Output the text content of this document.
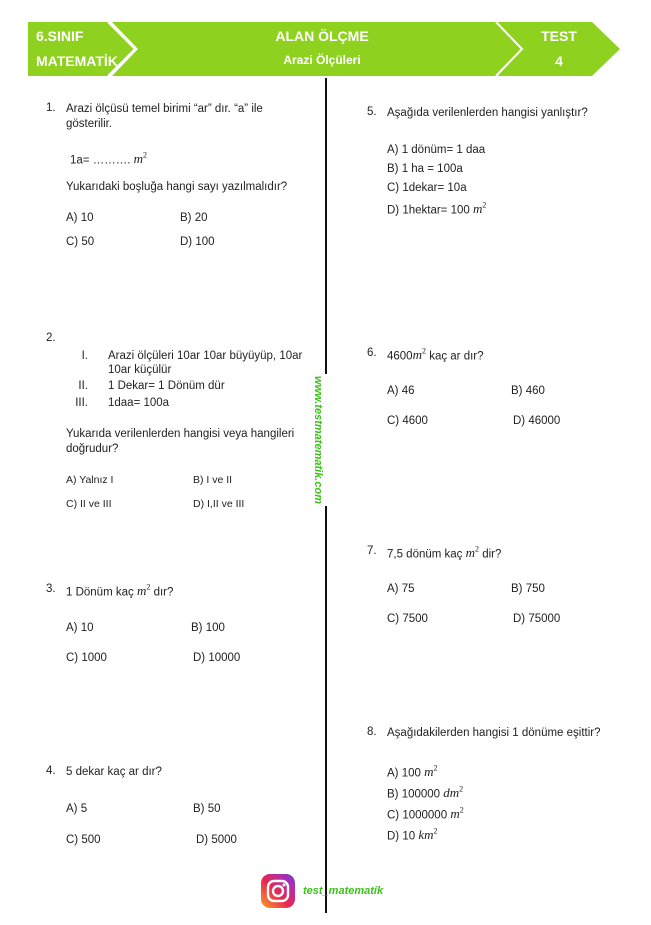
6.SINIF
MATEMATİK
ALAN ÖLÇME
Arazi Ölçüleri
TEST
4
www.testmatematik.com
1. Arazi ölçüsü temel birimi “ar” dır. “a” ile
gösterilir.
1a= ………. $m^2$
Yukarıdaki boşluğa hangi sayı yazılmalıdır?
A) 10	B) 20
C) 50	D) 100
2.
I. Arazi ölçüleri 10ar 10ar büyüyüp, 10ar
10ar küçülür
II. 1 Dekar= 1 Dönüm dür
III. 1daa= 100a
Yukarıda verilenlerden hangisi veya hangileri
doğrudur?
A) Yalnız I	B) I ve II
C) II ve III	D) I,II ve III
3. 1 Dönüm kaç $m^2$ dır?
A) 10	B) 100
C) 1000	D) 10000
4. 5 dekar kaç ar dır?
A) 5	B) 50
C) 500	D) 5000
5. Aşağıda verilenlerden hangisi yanlıştır?
A) 1 dönüm= 1 daa
B) 1 ha = 100a
C) 1dekar= 10a
D) 1hektar= 100 $m^2$
6. $4600m^2$ kaç ar dır?
A) 46	B) 460
C) 4600	D) 46000
7. 7,5 dönüm kaç $m^2$ dir?
A) 75	B) 750
C) 7500	D) 75000
8. Aşağıdakilerden hangisi 1 dönüme eşittir?
A) 100 $m^2$
B) 100000 $dm^2$
C) 1000000 $m^2$
D) 10 $km^2$
test_matematik
